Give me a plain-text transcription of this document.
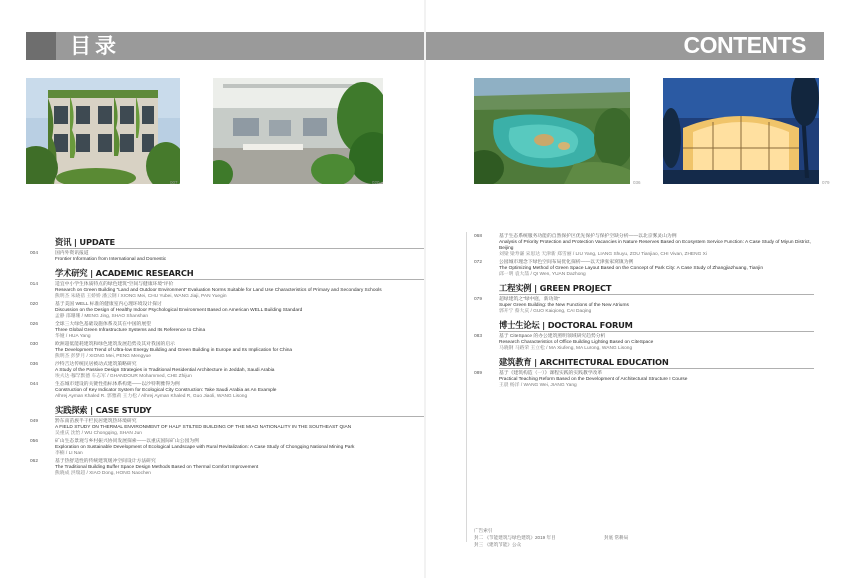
目录	CONTENTS
007	020	036	079
资讯 | UPDATE
004	国内外资讯报道
Frontier Information from International and Domestic
学术研究 | ACADEMIC RESEARCH
014	适宜中小学生体质特点的绿色建筑“空间与健康环境”评价
Research on Green Building “Land and Outdoor Environment” Evaluation Norms Suitable for Land Use Characteristics of Primary and Secondary Schools
熊明杰 朱晓蓓 王娇娇 潘云钢 / XIONG Mei, CHU Yubei, WANG Jiaji, PAN Yuegin
020	基于美国 WELL 标准的健康室内心理环境设计探讨
Discussion on the Design of Healthy Indoor Psychological Environment Based on American WELL Building Standard
孟静 邵珊珊 / MENG Jing, SHAO Shanshan
026	全球三大绿色基础设施体系及其在中国的展望
Three Global Green Infrastructure Systems and Its Reference to China
华娅 / HUA Yang
030	欧洲超低能耗建筑和绿色建筑发展趋势及其对我国的启示
The Development Trend of Ultra-low Energy Building and Green Building in Europe and Its Implication for China
熊明杰 彭梦月 / XIONG Mei, PENG Mengyue
036	沙特吉达传统民居被动式建筑策略研究
A Study of the Passive Design Strategies in Traditional Residential Architecture in Jeddah, Saudi Arabia
埃夫达·穆罕默德 车志军 / GHANDOUR Mohammed, CHE Zhijun
044	生态城市建设的关键性指标体系构建——以沙特利雅得为例
Construction of Key Indicator System for Ecological City Construction: Take Saudi Arabia as An Example
Alhrej Ayman Khaled R. 郭雅莉 王力松 / Alhrej Ayman Khaled R, Guo Jiaoli, WANG Lisong
实践探索 | CASE STUDY
049	黔东南苗族半干栏民居建筑热环境研究
A FIELD STUDY ON THERMAL ENVIRONMENT OF HALF STILTED BUILDING OF THE MIAO NATIONALITY IN THE SOUTHEAST QIAN
吴重庆 沈怡 / WU Chongqing, SHAN Jun
056	矿山生态景观与乡村振兴协同发展探索——以重庆国际矿山公园为例
Exploration on Sustainable Development of Ecological Landscape with Rural Revitalization: A Case Study of Chongqing National Mining Park
李楠 / LI Nan
062	基于热舒适性的传统建筑缓冲空间设计方法研究
The Traditional Building Buffer Space Design Methods Based on Thermal Comfort Improvement
熊晓成 洪瑞超 / XIAO Dong, HONG Naochen
068	基于生态系统服务功能的自然保护区优先保护与保护空缺分析——以北京雾灵山为例
Analysis of Priority Protection and Protection Vacancies in Nature Reserves Based on Ecosystem Service Function: A Case Study of Miyun District, Beijing
刘梁 梁寿谦 宋思达 天津新 郑雪丽 / LIU Yang, LIANG Shuyu, ZOU Tianjiao, CHI Vivan, ZHENG Xi
072	公园城市理念下绿色空间布局优化探析——以天津张家窝镇为例
The Optimizing Method of Green Space Layout Based on the Concept of Park City: A Case Study of Zhangjiazhuang, Tianjin
邱一明 袁大喆 / QI Wen, YUAN Dazhong
工程实例 | GREEN PROJECT
079	超绿建筑之“绿中庭，新功效”
Super Green Building: the New Functions of the New Atriums
郭开宁 蔡大庆 / GUO Kaiqiong, CAI Daqing
博士生论坛 | DOCTORAL FORUM
083	基于 CiteSpace 的办公建筑照明领域研究趋势分析
Research Characteristics of Office Building Lighting Based on CiteSpace
马晓钢 马路荣 王立松 / MA Xiufeng, MA Lurong, WANG Lisong
建筑教育 | ARCHITECTURAL EDUCATION
089	基于《建筑构造（一）》课程实践的实践教学改革
Practical Teaching Reform Based on the Development of Architectural Structure I Course
王晨 杨洋 / WANG Wei, JIANG Yang
广告索引
封二 《节能建筑与绿色建筑》2019 年目	封底 常耕局
封三 《建筑节能》公众
